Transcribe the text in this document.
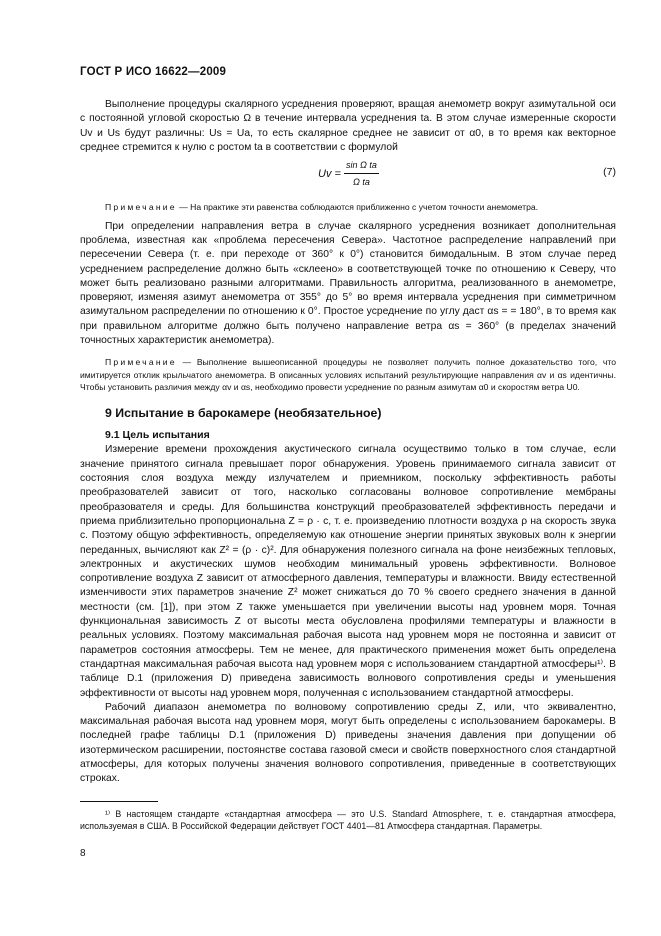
ГОСТ Р ИСО 16622—2009

Выполнение процедуры скалярного усреднения проверяют, вращая анемометр вокруг азимутальной оси с постоянной угловой скоростью Ω в течение интервала усреднения tа. В этом случае измеренные скорости Uv и Us будут различны: Us = Ua, то есть скалярное среднее не зависит от α0, в то время как векторное среднее стремится к нулю с ростом tа в соответствии с формулой

Uv =
sin Ω tа
Ω tа
(7)

Примечание — На практике эти равенства соблюдаются приближенно с учетом точности анемометра.

При определении направления ветра в случае скалярного усреднения возникает дополнительная проблема, известная как «проблема пересечения Севера». Частотное распределение направлений при пересечении Севера (т. е. при переходе от 360° к 0°) становится бимодальным. В этом случае перед усреднением распределение должно быть «склеено» в соответствующей точке по отношению к Северу, что может быть реализовано разными алгоритмами. Правильность алгоритма, реализованного в анемометре, проверяют, изменяя азимут анемометра от 355° до 5° во время интервала усреднения при симметричном азимутальном распределении по отношению к 0°. Простое усреднение по углу даст αs = = 180°, в то время как при правильном алгоритме должно быть получено направление ветра αs = 360° (в пределах значений точностных характеристик анемометра).

Примечание — Выполнение вышеописанной процедуры не позволяет получить полное доказательство того, что имитируется отклик крыльчатого анемометра. В описанных условиях испытаний результирующие направления αv и αs идентичны. Чтобы установить различия между αv и αs, необходимо провести усреднение по разным азимутам α0 и скоростям ветра U0.

9 Испытание в барокамере (необязательное)

9.1 Цель испытания

Измерение времени прохождения акустического сигнала осуществимо только в том случае, если значение принятого сигнала превышает порог обнаружения. Уровень принимаемого сигнала зависит от состояния слоя воздуха между излучателем и приемником, поскольку эффективность работы преобразователей зависит от того, насколько согласованы волновое сопротивление мембраны преобразователя и среды. Для большинства конструкций преобразователей эффективность передачи и приема приблизительно пропорциональна Z = ρ · c, т. е. произведению плотности воздуха ρ на скорость звука c. Поэтому общую эффективность, определяемую как отношение энергии принятых звуковых волн к энергии переданных, вычисляют как Z² = (ρ · c)². Для обнаружения полезного сигнала на фоне неизбежных тепловых, электронных и акустических шумов необходим минимальный уровень эффективности. Волновое сопротивление воздуха Z зависит от атмосферного давления, температуры и влажности. Ввиду естественной изменчивости этих параметров значение Z² может снижаться до 70 % своего среднего значения в данной местности (см. [1]), при этом Z также уменьшается при увеличении высоты над уровнем моря. Точная функциональная зависимость Z от высоты места обусловлена профилями температуры и влажности в реальных условиях. Поэтому максимальная рабочая высота над уровнем моря не постоянна и зависит от параметров состояния атмосферы. Тем не менее, для практического применения может быть определена стандартная максимальная рабочая высота над уровнем моря с использованием стандартной атмосферы¹⁾. В таблице D.1 (приложения D) приведена зависимость волнового сопротивления среды и уменьшения эффективности от высоты над уровнем моря, полученная с использованием стандартной атмосферы.

Рабочий диапазон анемометра по волновому сопротивлению среды Z, или, что эквивалентно, максимальная рабочая высота над уровнем моря, могут быть определены с использованием барокамеры. В последней графе таблицы D.1 (приложения D) приведены значения давления при допущении об изотермическом расширении, постоянстве состава газовой смеси и свойств поверхностного слоя стандартной атмосферы, для которых получены значения волнового сопротивления, приведенные в соответствующих строках.

¹⁾ В настоящем стандарте «стандартная атмосфера — это U.S. Standard Atmosphere, т. е. стандартная атмосфера, используемая в США. В Российской Федерации действует ГОСТ 4401—81 Атмосфера стандартная. Параметры.

8
